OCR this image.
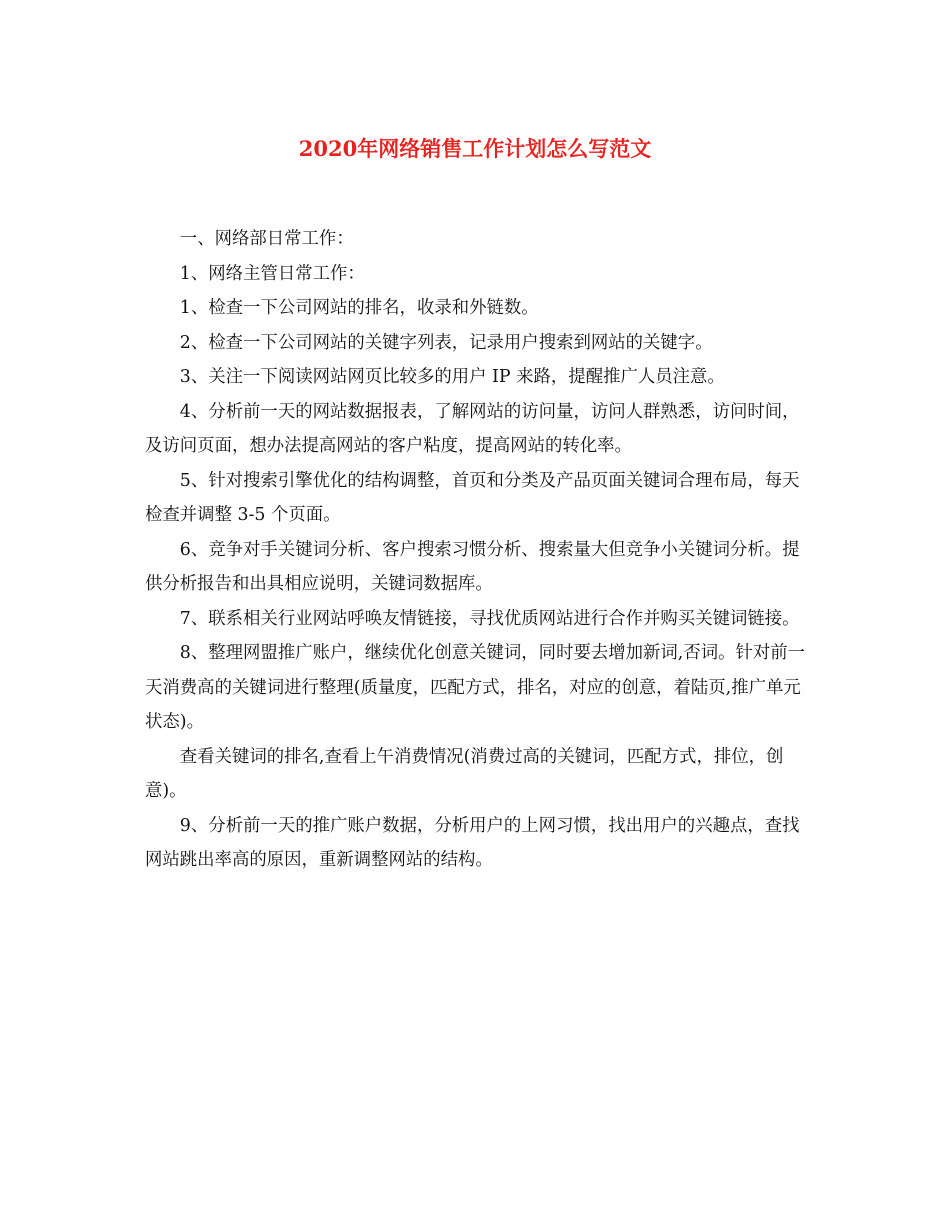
2020年网络销售工作计划怎么写范文

一、网络部日常工作：

1、网络主管日常工作：

1、检查一下公司网站的排名，收录和外链数。

2、检查一下公司网站的关键字列表，记录用户搜索到网站的关键字。

3、关注一下阅读网站网页比较多的用户 IP 来路，提醒推广人员注意。

4、分析前一天的网站数据报表，了解网站的访问量，访问人群熟悉，访问时间，及访问页面，想办法提高网站的客户粘度，提高网站的转化率。

5、针对搜索引擎优化的结构调整，首页和分类及产品页面关键词合理布局，每天检查并调整 3-5 个页面。

6、竞争对手关键词分析、客户搜索习惯分析、搜索量大但竞争小关键词分析。提供分析报告和出具相应说明，关键词数据库。

7、联系相关行业网站呼唤友情链接，寻找优质网站进行合作并购买关键词链接。

8、整理网盟推广账户，继续优化创意关键词，同时要去增加新词,否词。针对前一天消费高的关键词进行整理(质量度，匹配方式，排名，对应的创意，着陆页,推广单元状态)。

查看关键词的排名,查看上午消费情况(消费过高的关键词，匹配方式，排位，创意)。

9、分析前一天的推广账户数据，分析用户的上网习惯，找出用户的兴趣点，查找网站跳出率高的原因，重新调整网站的结构。
